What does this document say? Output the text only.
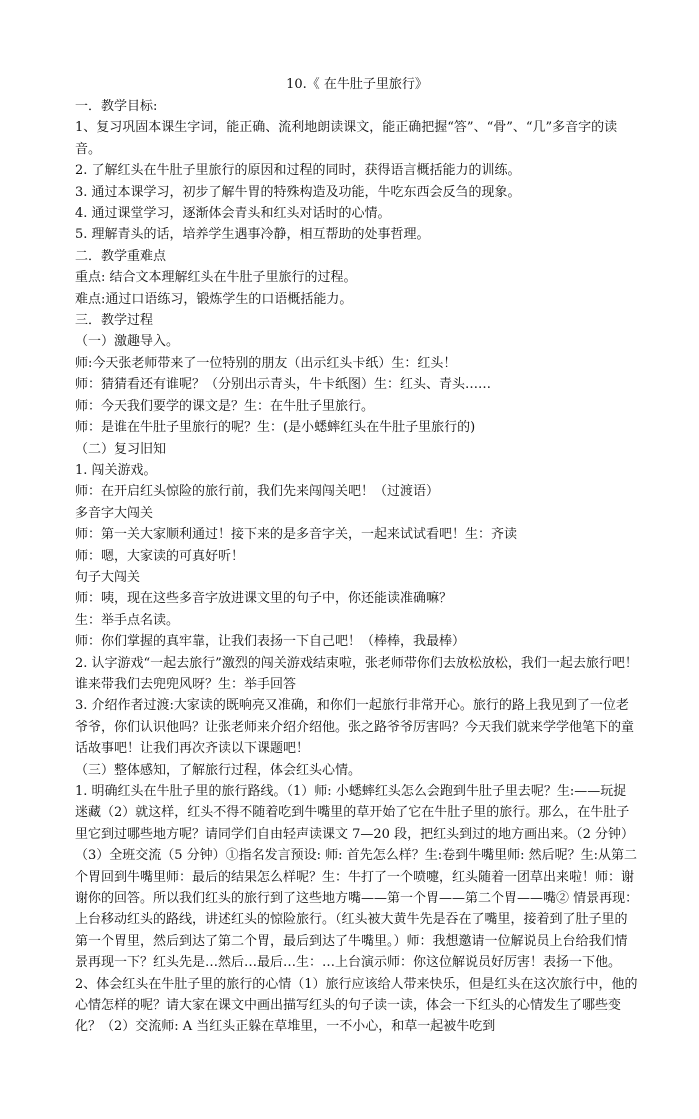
10.《 在牛肚子里旅行》

一．教学目标:

1、复习巩固本课生字词，能正确、流利地朗读课文，能正确把握“答”、“骨”、“几”多音字的读音。

2. 了解红头在牛肚子里旅行的原因和过程的同时，获得语言概括能力的训练。

3. 通过本课学习，初步了解牛胃的特殊构造及功能，牛吃东西会反刍的现象。

4. 通过课堂学习，逐渐体会青头和红头对话时的心情。

5. 理解青头的话，培养学生遇事冷静，相互帮助的处事哲理。

二．教学重难点

重点: 结合文本理解红头在牛肚子里旅行的过程。

难点:通过口语练习，锻炼学生的口语概括能力。

三．教学过程

（一）激趣导入。

师:今天张老师带来了一位特别的朋友（出示红头卡纸）生：红头！

师：猜猜看还有谁呢？（分别出示青头，牛卡纸图）生：红头、青头……

师：今天我们要学的课文是？生：在牛肚子里旅行。

师：是谁在牛肚子里旅行的呢？生：(是小蟋蟀红头在牛肚子里旅行的)

（二）复习旧知

1. 闯关游戏。

师：在开启红头惊险的旅行前，我们先来闯闯关吧！（过渡语）

多音字大闯关

师：第一关大家顺利通过！接下来的是多音字关，一起来试试看吧！生：齐读

师：嗯，大家读的可真好听！

句子大闯关

师：咦，现在这些多音字放进课文里的句子中，你还能读准确嘛？

生：举手点名读。

师：你们掌握的真牢靠，让我们表扬一下自己吧！（棒棒，我最棒）

2. 认字游戏“一起去旅行”激烈的闯关游戏结束啦，张老师带你们去放松放松，我们一起去旅行吧！谁来带我们去兜兜风呀？生：举手回答

3. 介绍作者过渡:大家读的既响亮又准确，和你们一起旅行非常开心。旅行的路上我见到了一位老爷爷，你们认识他吗？让张老师来介绍介绍他。张之路爷爷厉害吗？今天我们就来学学他笔下的童话故事吧！让我们再次齐读以下课题吧！

（三）整体感知，了解旅行过程，体会红头心情。

1. 明确红头在牛肚子里的旅行路线。（1）师: 小蟋蟀红头怎么会跑到牛肚子里去呢？生:——玩捉迷藏（2）就这样，红头不得不随着吃到牛嘴里的草开始了它在牛肚子里的旅行。那么，在牛肚子里它到过哪些地方呢？请同学们自由轻声读课文 7—20 段，把红头到过的地方画出来。（2 分钟）（3）全班交流（5 分钟）①指名发言预设: 师: 首先怎么样？生:卷到牛嘴里师: 然后呢？生:从第二个胃回到牛嘴里师：最后的结果怎么样呢？生：牛打了一个喷嚏，红头随着一团草出来啦！师：谢谢你的回答。所以我们红头的旅行到了这些地方嘴——第一个胃——第二个胃——嘴② 情景再现：上台移动红头的路线，讲述红头的惊险旅行。（红头被大黄牛先是吞在了嘴里，接着到了肚子里的第一个胃里，然后到达了第二个胃，最后到达了牛嘴里。）师：我想邀请一位解说员上台给我们情景再现一下？红头先是…然后…最后…生：…上台演示师：你这位解说员好厉害！表扬一下他。

2、体会红头在牛肚子里的旅行的心情（1）旅行应该给人带来快乐，但是红头在这次旅行中，他的心情怎样的呢？请大家在课文中画出描写红头的句子读一读，体会一下红头的心情发生了哪些变化？（2）交流师: A 当红头正躲在草堆里，一不小心，和草一起被牛吃到
